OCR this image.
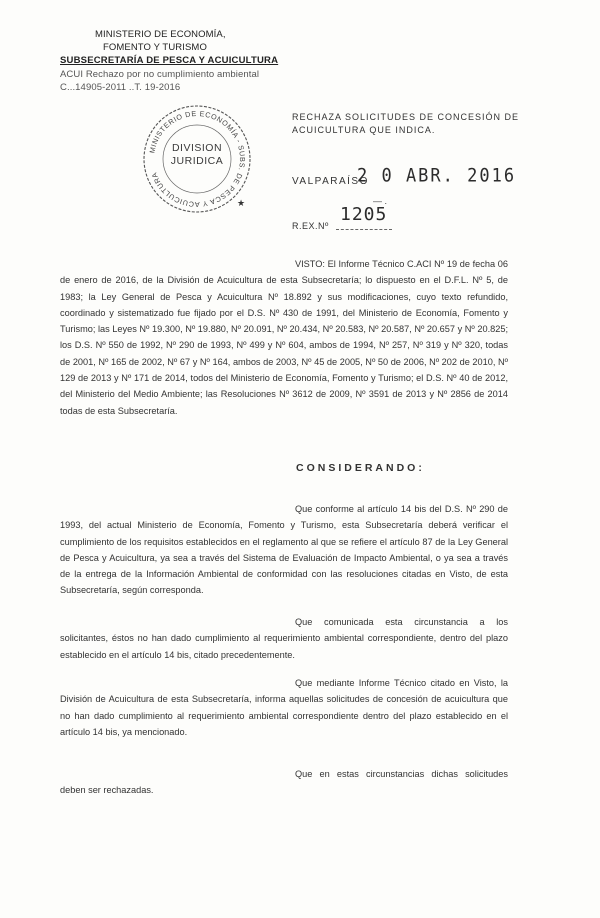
MINISTERIO DE ECONOMÍA,
FOMENTO Y TURISMO
SUBSECRETARÍA DE PESCA Y ACUICULTURA
ACUI Rechazo por no cumplimiento ambiental
C...14905-2011 ..T. 19-2016
MINISTERIO DE ECONOMÍA - SUBS. DE PESCA Y ACUICULTURA
★
DIVISION
JURIDICA
RECHAZA SOLICITUDES DE CONCESIÓN DE
ACUICULTURA QUE INDICA.
VALPARAÍSO
2 0 ABR. 2016
— .
R.EX.Nº
1205
VISTO: El Informe Técnico C.ACI Nº 19 de fecha 06 de enero de 2016, de la División de Acuicultura de esta Subsecretaría; lo dispuesto en el D.F.L. Nº 5, de 1983; la Ley General de Pesca y Acuicultura Nº 18.892 y sus modificaciones, cuyo texto refundido, coordinado y sistematizado fue fijado por el D.S. Nº 430 de 1991, del Ministerio de Economía, Fomento y Turismo; las Leyes Nº 19.300, Nº 19.880, Nº 20.091, Nº 20.434, Nº 20.583, Nº 20.587, Nº 20.657 y Nº 20.825; los D.S. Nº 550 de 1992, Nº 290 de 1993, Nº 499 y Nº 604, ambos de 1994, Nº 257, Nº 319 y Nº 320, todas de 2001, Nº 165 de 2002, Nº 67 y Nº 164, ambos de 2003, Nº 45 de 2005, Nº 50 de 2006, Nº 202 de 2010, Nº 129 de 2013 y Nº 171 de 2014, todos del Ministerio de Economía, Fomento y Turismo; el D.S. Nº 40 de 2012, del Ministerio del Medio Ambiente; las Resoluciones Nº 3612 de 2009, Nº 3591 de 2013 y Nº 2856 de 2014 todas de esta Subsecretaría.
CONSIDERANDO:
Que conforme al artículo 14 bis del D.S. Nº 290 de 1993, del actual Ministerio de Economía, Fomento y Turismo, esta Subsecretaría deberá verificar el cumplimiento de los requisitos establecidos en el reglamento al que se refiere el artículo 87 de la Ley General de Pesca y Acuicultura, ya sea a través del Sistema de Evaluación de Impacto Ambiental, o ya sea a través de la entrega de la Información Ambiental de conformidad con las resoluciones citadas en Visto, de esta Subsecretaría, según corresponda.
Que comunicada esta circunstancia a los solicitantes, éstos no han dado cumplimiento al requerimiento ambiental correspondiente, dentro del plazo establecido en el artículo 14 bis, citado precedentemente.
Que mediante Informe Técnico citado en Visto, la División de Acuicultura de esta Subsecretaría, informa aquellas solicitudes de concesión de acuicultura que no han dado cumplimiento al requerimiento ambiental correspondiente dentro del plazo establecido en el artículo 14 bis, ya mencionado.
Que en estas circunstancias dichas solicitudes deben ser rechazadas.
